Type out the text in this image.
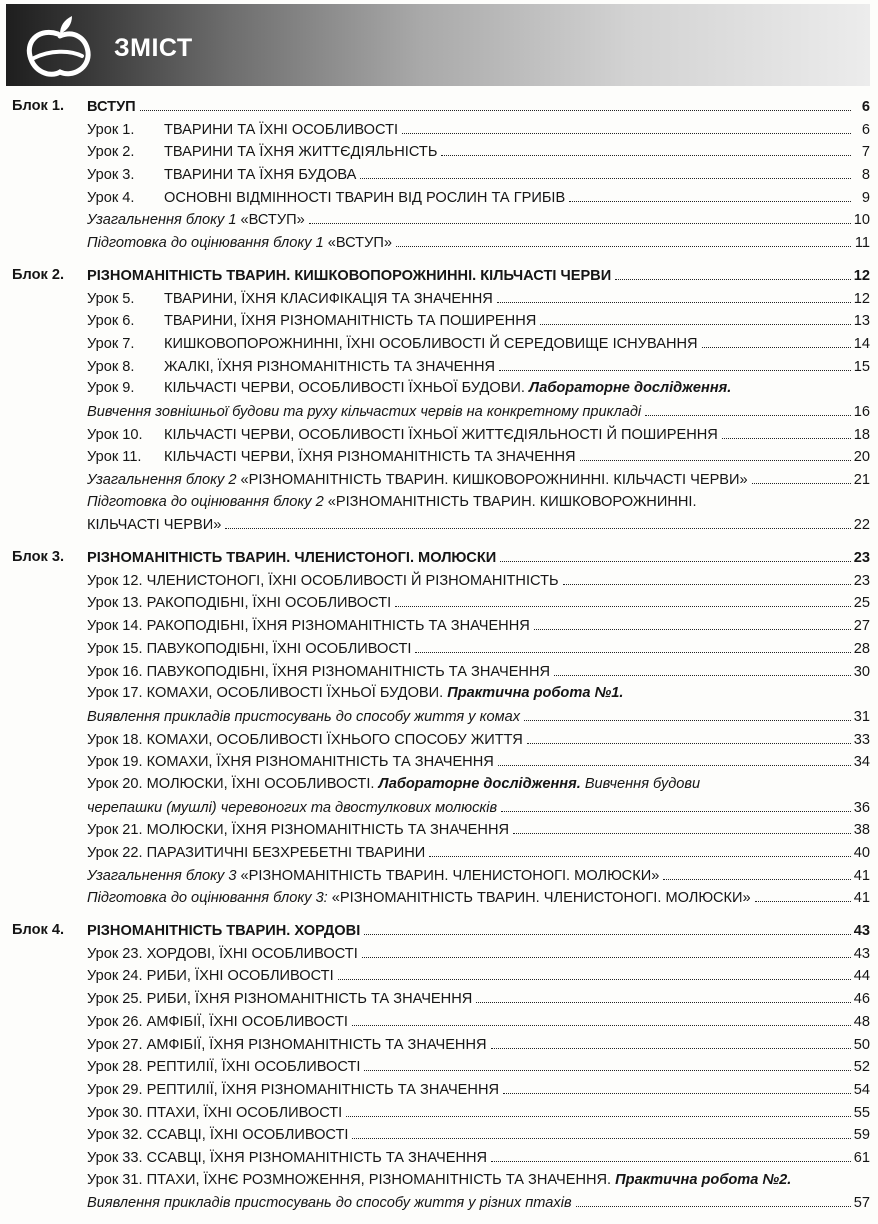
ЗМІСТ
Блок 1. ВСТУП	6
Урок 1. ТВАРИНИ ТА ЇХНІ ОСОБЛИВОСТІ	6
Урок 2. ТВАРИНИ ТА ЇХНЯ ЖИТТЄДІЯЛЬНІСТЬ	7
Урок 3. ТВАРИНИ ТА ЇХНЯ БУДОВА	8
Урок 4. ОСНОВНІ ВІДМІННОСТІ ТВАРИН ВІД РОСЛИН ТА ГРИБІВ	9
Узагальнення блоку 1 «ВСТУП»	10
Підготовка до оцінювання блоку 1 «ВСТУП»	11
Блок 2. РІЗНОМАНІТНІСТЬ ТВАРИН. КИШКОВОПОРОЖНИННІ. КІЛЬЧАСТІ ЧЕРВИ	12
Урок 5. ТВАРИНИ, ЇХНЯ КЛАСИФІКАЦІЯ ТА ЗНАЧЕННЯ	12
Урок 6. ТВАРИНИ, ЇХНЯ РІЗНОМАНІТНІСТЬ ТА ПОШИРЕННЯ	13
Урок 7. КИШКОВОПОРОЖНИННІ, ЇХНІ ОСОБЛИВОСТІ Й СЕРЕДОВИЩЕ ІСНУВАННЯ	14
Урок 8. ЖАЛКІ, ЇХНЯ РІЗНОМАНІТНІСТЬ ТА ЗНАЧЕННЯ	15
Урок 9. КІЛЬЧАСТІ ЧЕРВИ, ОСОБЛИВОСТІ ЇХНЬОЇ БУДОВИ. Лабораторне дослідження.
Вивчення зовнішньої будови та руху кільчастих червів на конкретному прикладі	16
Урок 10. КІЛЬЧАСТІ ЧЕРВИ, ОСОБЛИВОСТІ ЇХНЬОЇ ЖИТТЄДІЯЛЬНОСТІ Й ПОШИРЕННЯ	18
Урок 11. КІЛЬЧАСТІ ЧЕРВИ, ЇХНЯ РІЗНОМАНІТНІСТЬ ТА ЗНАЧЕННЯ	20
Узагальнення блоку 2 «РІЗНОМАНІТНІСТЬ ТВАРИН. КИШКОВОРОЖНИННІ. КІЛЬЧАСТІ ЧЕРВИ»	21
Підготовка до оцінювання блоку 2 «РІЗНОМАНІТНІСТЬ ТВАРИН. КИШКОВОРОЖНИННІ.
КІЛЬЧАСТІ ЧЕРВИ»	22
Блок 3. РІЗНОМАНІТНІСТЬ ТВАРИН. ЧЛЕНИСТОНОГІ. МОЛЮСКИ	23
Урок 12. ЧЛЕНИСТОНОГІ, ЇХНІ ОСОБЛИВОСТІ Й РІЗНОМАНІТНІСТЬ	23
Урок 13. РАКОПОДІБНІ, ЇХНІ ОСОБЛИВОСТІ	25
Урок 14. РАКОПОДІБНІ, ЇХНЯ РІЗНОМАНІТНІСТЬ ТА ЗНАЧЕННЯ	27
Урок 15. ПАВУКОПОДІБНІ, ЇХНІ ОСОБЛИВОСТІ	28
Урок 16. ПАВУКОПОДІБНІ, ЇХНЯ РІЗНОМАНІТНІСТЬ ТА ЗНАЧЕННЯ	30
Урок 17. КОМАХИ, ОСОБЛИВОСТІ ЇХНЬОЇ БУДОВИ. Практична робота №1.
Виявлення прикладів пристосувань до способу життя у комах	31
Урок 18. КОМАХИ, ОСОБЛИВОСТІ ЇХНЬОГО СПОСОБУ ЖИТТЯ	33
Урок 19. КОМАХИ, ЇХНЯ РІЗНОМАНІТНІСТЬ ТА ЗНАЧЕННЯ	34
Урок 20. МОЛЮСКИ, ЇХНІ ОСОБЛИВОСТІ. Лабораторне дослідження. Вивчення будови
черепашки (мушлі) черевоногих та двостулкових молюсків	36
Урок 21. МОЛЮСКИ, ЇХНЯ РІЗНОМАНІТНІСТЬ ТА ЗНАЧЕННЯ	38
Урок 22. ПАРАЗИТИЧНІ БЕЗХРЕБЕТНІ ТВАРИНИ	40
Узагальнення блоку 3 «РІЗНОМАНІТНІСТЬ ТВАРИН. ЧЛЕНИСТОНОГІ. МОЛЮСКИ»	41
Підготовка до оцінювання блоку 3: «РІЗНОМАНІТНІСТЬ ТВАРИН. ЧЛЕНИСТОНОГІ. МОЛЮСКИ»	41
Блок 4. РІЗНОМАНІТНІСТЬ ТВАРИН. ХОРДОВІ	43
Урок 23. ХОРДОВІ, ЇХНІ ОСОБЛИВОСТІ	43
Урок 24. РИБИ, ЇХНІ ОСОБЛИВОСТІ	44
Урок 25. РИБИ, ЇХНЯ РІЗНОМАНІТНІСТЬ ТА ЗНАЧЕННЯ	46
Урок 26. АМФІБІЇ, ЇХНІ ОСОБЛИВОСТІ	48
Урок 27. АМФІБІЇ, ЇХНЯ РІЗНОМАНІТНІСТЬ ТА ЗНАЧЕННЯ	50
Урок 28. РЕПТИЛІЇ, ЇХНІ ОСОБЛИВОСТІ	52
Урок 29. РЕПТИЛІЇ, ЇХНЯ РІЗНОМАНІТНІСТЬ ТА ЗНАЧЕННЯ	54
Урок 30. ПТАХИ, ЇХНІ ОСОБЛИВОСТІ	55
Урок 32. ССАВЦІ, ЇХНІ ОСОБЛИВОСТІ	59
Урок 33. ССАВЦІ, ЇХНЯ РІЗНОМАНІТНІСТЬ ТА ЗНАЧЕННЯ	61
Урок 31. ПТАХИ, ЇХНЄ РОЗМНОЖЕННЯ, РІЗНОМАНІТНІСТЬ ТА ЗНАЧЕННЯ. Практична робота №2.
Виявлення прикладів пристосувань до способу життя у різних птахів	57
